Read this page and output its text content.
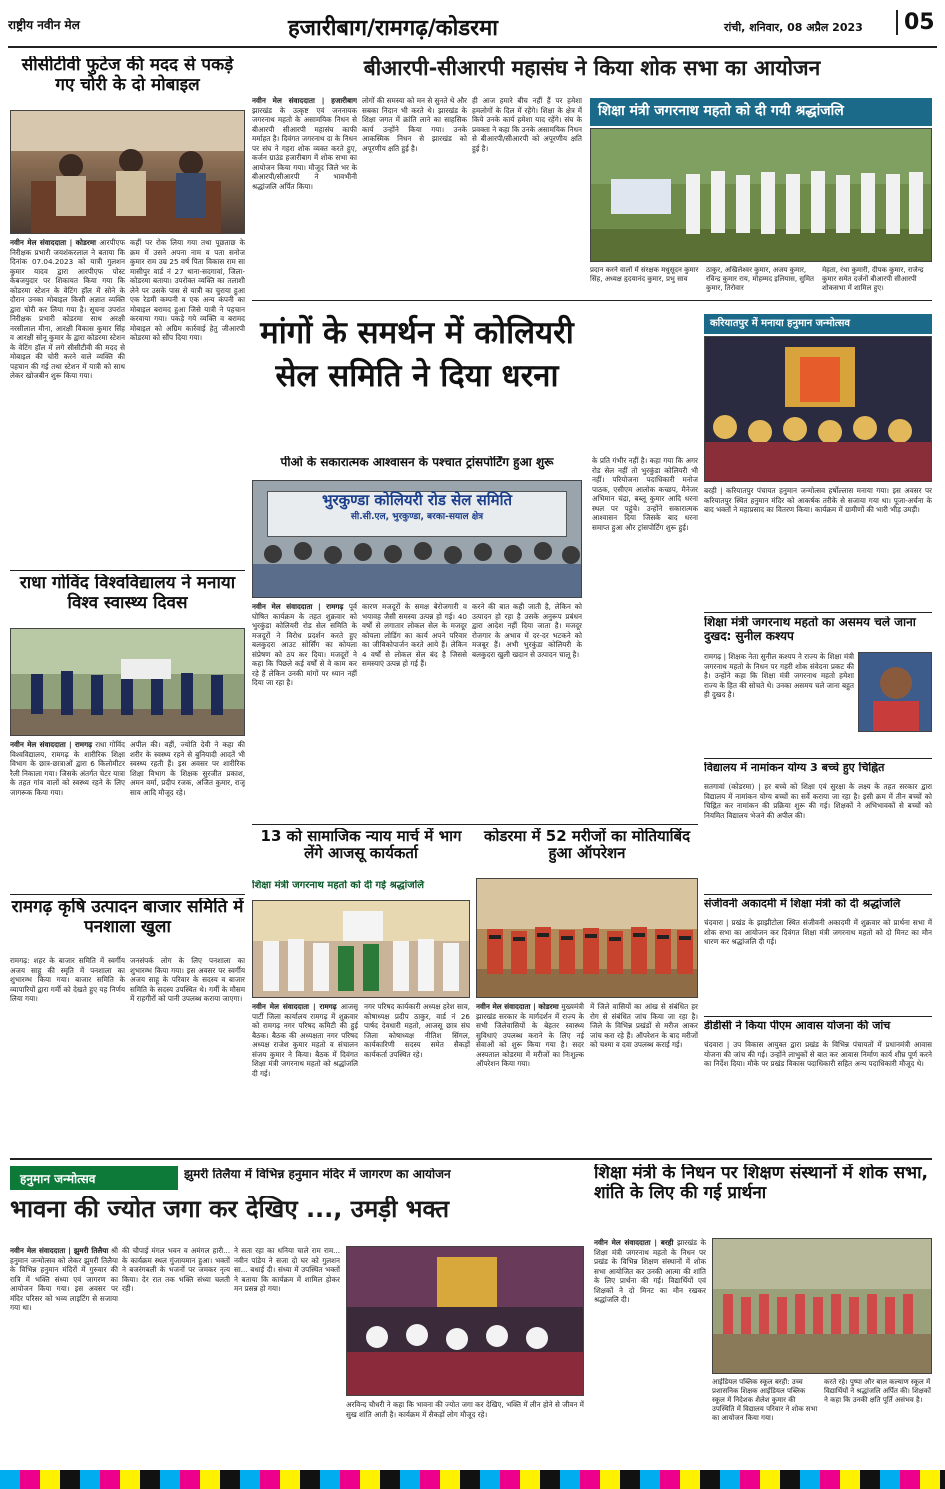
राष्ट्रीय नवीन मेल	हजारीबाग/रामगढ़/कोडरमा	रांची, शनिवार, 08 अप्रैल 2023	05
सीसीटीवी फुटेज की मदद से पकड़े गए चोरी के दो मोबाइल
नवीन मेल संवाददाता | कोडरमा आरपीएफ निरीक्षक प्रभारी जयशंकरलाल ने बताया कि दिनांक 07.04.2023 को यात्री गुलशन कुमार यादव द्वारा आरपीएफ पोस्ट केबजयुदार पर शिकायत किया गया कि कोडरमा स्टेशन के वेटिंग हॉल में सोने के दौरान उनका मोबाइल किसी अज्ञात व्यक्ति द्वारा चोरी कर लिया गया है। सूचना उपरांत निरीक्षक प्रभारी कोडरमा साथ अरक्षी नरसीलाल मीना, आरक्षी विकास कुमार सिंह व आरक्षी सोनू कुमार के द्वारा कोडरमा स्टेशन के वेटिंग हॉल में लगे सीसीटीवी की मदद से मोबाइल की चोरी करने वाले व्यक्ति की पहचान की गई तथा स्टेशन में यात्री को साथ लेकर खोजबीन शुरू किया गया।
कहीं पर रोक लिया गया तथा पूछताछ के क्रम में उसने अपना नाम व पता सनोज कुमार राम उम्र 25 वर्ष पिता विकास राम सा मासीपुर वार्ड नं 27 थाना-सदगावां, जिला-कोडरमा बताया। उपरोक्त व्यक्ति का तलाशी लेने पर उसके पास से यात्री का चुराया हुआ एक रेडमी कम्पनी व एक अन्य कंपनी का मोबाइल बरामद हुआ जिसे यात्री ने पहचान करवाया गया। पकड़े गये व्यक्ति व बरामद मोबाइल को अग्रिम कार्रवाई हेतु जीआरपी कोडरमा को सौंप दिया गया।
राधा गोविंद विश्वविद्यालय ने मनाया विश्व स्वास्थ्य दिवस
नवीन मेल संवाददाता | रामगढ़ राधा गोविंद विश्वविद्यालय, रामगढ़ के शारीरिक शिक्षा विभाग के छात्र-छात्राओं द्वारा 6 किलोमीटर रैली निकाला गया। जिसके अंतर्गत चेटर यात्रा के तहत गांव वालों को स्वस्थ्य रहने के लिए जागरूक किया गया।
अपील की। वहीं, ज्योति देवी ने कहा की शरीर के स्वस्थ्य रहने से बुनियादी आदतें भी स्वस्थ्य रहती हैं। इस अवसर पर शारीरिक शिक्षा विभाग के शिक्षक सुरजीत प्रकाश, अमन वर्मा, प्रदीप रजक, अजित कुमार, राजू साव आदि मौजूद रहे।
रामगढ़ कृषि उत्पादन बाजार समिति में पनशाला खुला
रामगढ़: शहर के बाजार समिति में स्वर्गीय अजय साहू की स्मृति में पनशाला का शुभारम्भ किया गया। बाजार समिति के व्यापारियों द्वारा गर्मी को देखते हुए यह निर्णय लिया गया।
जनसंपर्क लोग के लिए पनशाला का शुभारम्भ किया गया। इस अवसर पर स्वर्गीय अजय साहू के परिवार के सदस्य व बाजार समिति के सदस्य उपस्थित थे। गर्मी के मौसम में राहगीरों को पानी उपलब्ध कराया जाएगा।
बीआरपी-सीआरपी महासंघ ने किया शोक सभा का आयोजन
नवीन मेल संवाददाता | हजारीबाग झारखंड के उत्कृष्ट एवं जननायक जगरनाथ महतो के असामयिक निधन से बीआरपी सीआरपी महासंघ काफी मर्माहत है। दिवंगत जगरनाथ दा के निधन पर संघ ने गहरा शोक व्यक्त करते हुए, कर्जन ग्राउंड हजारीबाग में शोक सभा का आयोजन किया गया। मौजूद जिले भर के बीआरपी/सीआरपी ने भावभीनी श्रद्धांजलि अर्पित किया।
लोगों की समस्या को मन से सुनते थे और सबका निदान भी करते थे। झारखंड के शिक्षा जगत में क्रांति लाने का साहसिक कार्य उन्होंने किया गया। उनके आकस्मिक निधन से झारखंड को अपूरणीय क्षति हुई है।
ही आज हमारे बीच नहीं हैं पर हमेशा हमलोगों के दिल में रहेंगे। शिक्षा के क्षेत्र में किये उनके कार्य हमेशा याद रहेंगे। संघ के प्रवक्ता ने कहा कि उनके असामयिक निधन से बीआरपी/सीआरपी को अपूरणीय क्षति हुई है।
शिक्षा मंत्री जगरनाथ महतो को दी गयी श्रद्धांजलि
प्रदान करने वालों में संरक्षक मधुसूदन कुमार सिंह, अध्यक्ष हृदयानंद कुमार, प्रभु साव
ठाकुर, अखिलेश्वर कुमार, अजय कुमार, रविन्द्र कुमार राय, मोहम्मद इलियास, सुमित कुमार, तिरोवार
मेहता, रंथा कुमारी, दीपक कुमार, राजेन्द्र कुमार समेत दर्जनों बीआरपी सीआरपी शोकसभा में शामिल हुए।
मांगों के समर्थन में कोलियरी सेल समिति ने दिया धरना
पीओ के सकारात्मक आश्वासन के पश्चात ट्रांसपोर्टिंग हुआ शुरू
भुरकुण्डा कोलियरी रोड सेल समिति
सी.सी.एल, भुरकुण्डा, बरका-सयाल क्षेत्र
नवीन मेल संवाददाता | रामगढ़ पूर्व घोषित कार्यक्रम के तहत शुक्रवार को भुरकुंडा कोलियरी रोड सेल समिति के मजदूरों ने विरोध प्रदर्शन करते हुए बलकुदरा आउट सोर्सिंग का कोयला संप्रेषण को ठप कर दिया। मजदूरों ने कहा कि पिछले कई वर्षों से वे काम कर रहे हैं लेकिन उनकी मांगों पर ध्यान नहीं दिया जा रहा है।
कारण मजदूरों के समक्ष बेरोजगारी व भयावह जैसी समस्या उत्पन्न हो गई। 40 वर्षों से लगातार लोकल सेल के मजदूर कोयला लोडिंग का कार्य अपने परिवार का जीविकोपार्जन करते आये हैं। लेकिन 4 वर्षों से लोकल सेल बंद है जिससे समस्याएं उत्पन्न हो गई हैं।
करने की बात कही जाती है, लेकिन को उत्पादन हो रहा है उसके अनुरूप प्रबंधन द्वारा आदेश नहीं दिया जाता है। मजदूर रोजगार के अभाव में दर-दर भटकने को मजबूर हैं। अभी भुरकुंडा कोलियरी के बलकुदरा खुली खदान से उत्पादन चालू है।
के प्रति गंभीर नहीं है। कहा गया कि अगर रोड सेल नहीं तो भुरकुंडा कोलियरी भी नहीं। परियोजना पदाधिकारी मनोज पाठक, एसीएम आलोक कच्छप, मैनेजर अभिमान चंद्रा, बब्लू कुमार आदि धरना स्थल पर पहुंचे। उन्होंने सकारात्मक आश्वासन दिया जिसके बाद धरना समाप्त हुआ और ट्रांसपोर्टिंग शुरू हुई।
13 को सामाजिक न्याय मार्च में भाग लेंगे आजसू कार्यकर्ता
शिक्षा मंत्री जगरनाथ महतो को दी गई श्रद्धांजलि
नवीन मेल संवाददाता | रामगढ़ आजसू पार्टी जिला कार्यालय रामगढ़ में शुक्रवार को रामगढ़ नगर परिषद कमिटी की हुई बैठक। बैठक की अध्यक्षता नगर परिषद अध्यक्ष राजेश कुमार महतो व संचालन संजय कुमार ने किया। बैठक में दिवंगत शिक्षा मंत्री जगरनाथ महतो को श्रद्धांजलि दी गई।
नगर परिषद कार्यकारी अध्यक्ष हरेश साव, कोषाध्यक्ष प्रदीप ठाकुर, वार्ड नं 26 पार्षद देवधारी महतो, आजसू छात्र संघ जिला कोषाध्यक्ष नीतिश सिंगल, कार्यकारिणी सदस्य समेत सैकड़ों कार्यकर्ता उपस्थित रहे।
कोडरमा में 52 मरीजों का मोतियाबिंद हुआ ऑपरेशन
नवीन मेल संवाददाता | कोडरमा मुख्यमंत्री झारखंड सरकार के मार्गदर्शन में राज्य के सभी जिलेवासियों के बेहतर स्वास्थ्य सुविधाएं उपलब्ध कराने के लिए नई सेवाओं को शुरू किया गया है। सदर अस्पताल कोडरमा में मरीजों का निःशुल्क ऑपरेशन किया गया।
में जिले वासियों का आंख से संबंधित हर रोग से संबंधित जांच किया जा रहा है। जिले के विभिन्न प्रखंडों से मरीज आकर जांच करा रहे हैं। ऑपरेशन के बाद मरीजों को चश्मा व दवा उपलब्ध कराई गई।
करियातपुर में मनाया हनुमान जन्मोत्सव
बरही | करियातपुर पंचायत हनुमान जन्मोत्सव हर्षोल्लास मनाया गया। इस अवसर पर करियातपुर स्थित हनुमान मंदिर को आकर्षक तरीके से सजाया गया था। पूजा-अर्चना के बाद भक्तों ने महाप्रसाद का वितरण किया। कार्यक्रम में ग्रामीणों की भारी भीड़ उमड़ी।
शिक्षा मंत्री जगरनाथ महतो का असमय चले जाना दुखद: सुनील कश्यप
रामगढ़ | शिक्षक नेता सुनील कश्यप ने राज्य के शिक्षा मंत्री जगरनाथ महतो के निधन पर गहरी शोक संवेदना प्रकट की है। उन्होंने कहा कि शिक्षा मंत्री जगरनाथ महतो हमेशा राज्य के हित की सोचते थे। उनका असमय चले जाना बहुत ही दुखद है।
विद्यालय में नामांकन योग्य 3 बच्चे हुए चिह्नित
सतगावां (कोडरमा) | हर बच्चे को शिक्षा एवं सुरक्षा के लक्ष्य के तहत सरकार द्वारा विद्यालय में नामांकन योग्य बच्चों का सर्वे कराया जा रहा है। इसी क्रम में तीन बच्चों को चिह्नित कर नामांकन की प्रक्रिया शुरू की गई। शिक्षकों ने अभिभावकों से बच्चों को नियमित विद्यालय भेजने की अपील की।
संजीवनी अकादमी में शिक्षा मंत्री को दी श्रद्धांजलि
चंदवारा | प्रखंड के झाझीटोला स्थित संजीवनी अकादमी में शुक्रवार को प्रार्थना सभा में शोक सभा का आयोजन कर दिवंगत शिक्षा मंत्री जगरनाथ महतो को दो मिनट का मौन धारण कर श्रद्धांजलि दी गई।
डीडीसी ने किया पीएम आवास योजना की जांच
चंदवारा | उप विकास आयुक्त द्वारा प्रखंड के विभिन्न पंचायतों में प्रधानमंत्री आवास योजना की जांच की गई। उन्होंने लाभुकों से बात कर आवास निर्माण कार्य शीघ्र पूर्ण करने का निर्देश दिया। मौके पर प्रखंड विकास पदाधिकारी सहित अन्य पदाधिकारी मौजूद थे।
हनुमान जन्मोत्सव	झुमरी तिलैया में विभिन्न हनुमान मंदिर में जागरण का आयोजन
भावना की ज्योत जगा कर देखिए ..., उमड़ी भक्त
नवीन मेल संवाददाता | झुमरी तिलैया श्री हनुमान जन्मोत्सव को लेकर झुमरी तिलैया के विभिन्न हनुमान मंदिरों में गुरुवार की रात्रि में भक्ति संध्या एवं जागरण का आयोजन किया गया। इस अवसर पर मंदिर परिसर को भव्य लाइटिंग से सजाया गया था।
की चौपाई मंगल भवन व अमंगल हारी... के कार्यक्रम स्थल गुंजायमान हुआ। भक्तों ने बजरंगबली के भजनों पर जमकर नृत्य किया। देर रात तक भक्ति संध्या चलती रही।
ने सता रहा का धनिया चाले राम राम... नवीन पांडेय ने सजा दो घर को गुलशन सा... बधाई दी। संध्या में उपस्थित भक्तों ने बताया कि कार्यक्रम में शामिल होकर मन प्रसन्न हो गया।
अरविन्द चौधरी ने कहा कि भावना की ज्योत जगा कर देखिए, भक्ति में लीन होने से जीवन में सुख शांति आती है। कार्यक्रम में सैकड़ों लोग मौजूद रहे।
शिक्षा मंत्री के निधन पर शिक्षण संस्थानों में शोक सभा, शांति के लिए की गई प्रार्थना
नवीन मेल संवाददाता | बरही झारखंड के शिक्षा मंत्री जगरनाथ महतो के निधन पर प्रखंड के विभिन्न शिक्षण संस्थानों में शोक सभा आयोजित कर उनकी आत्मा की शांति के लिए प्रार्थना की गई। विद्यार्थियों एवं शिक्षकों ने दो मिनट का मौन रखकर श्रद्धांजलि दी।
आईडियल पब्लिक स्कूल बरही: उच्च प्रशासनिक शिक्षक आईडियल पब्लिक स्कूल में निदेशक शैलेश कुमार की उपस्थिति में विद्यालय परिवार ने शोक सभा का आयोजन किया गया।
करते रहे। पुष्पा और बाल कल्याण स्कूल में विद्यार्थियों ने श्रद्धांजलि अर्पित की। शिक्षकों ने कहा कि उनकी क्षति पूर्ति असंभव है।
